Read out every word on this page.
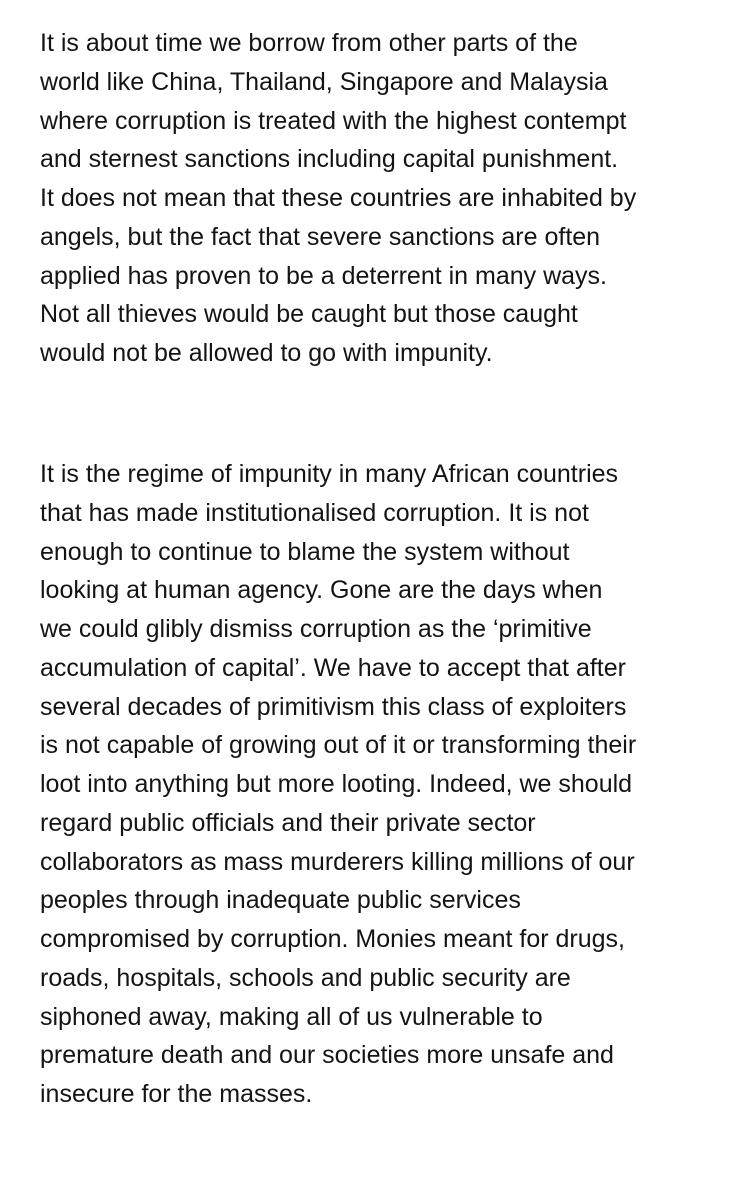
It is about time we borrow from other parts of the
world like China, Thailand, Singapore and Malaysia
where corruption is treated with the highest contempt
and sternest sanctions including capital punishment.
It does not mean that these countries are inhabited by
angels, but the fact that severe sanctions are often
applied has proven to be a deterrent in many ways.
Not all thieves would be caught but those caught
would not be allowed to go with impunity.

It is the regime of impunity in many African countries
that has made institutionalised corruption. It is not
enough to continue to blame the system without
looking at human agency. Gone are the days when
we could glibly dismiss corruption as the ‘primitive
accumulation of capital’. We have to accept that after
several decades of primitivism this class of exploiters
is not capable of growing out of it or transforming their
loot into anything but more looting. Indeed, we should
regard public officials and their private sector
collaborators as mass murderers killing millions of our
peoples through inadequate public services
compromised by corruption. Monies meant for drugs,
roads, hospitals, schools and public security are
siphoned away, making all of us vulnerable to
premature death and our societies more unsafe and
insecure for the masses.
